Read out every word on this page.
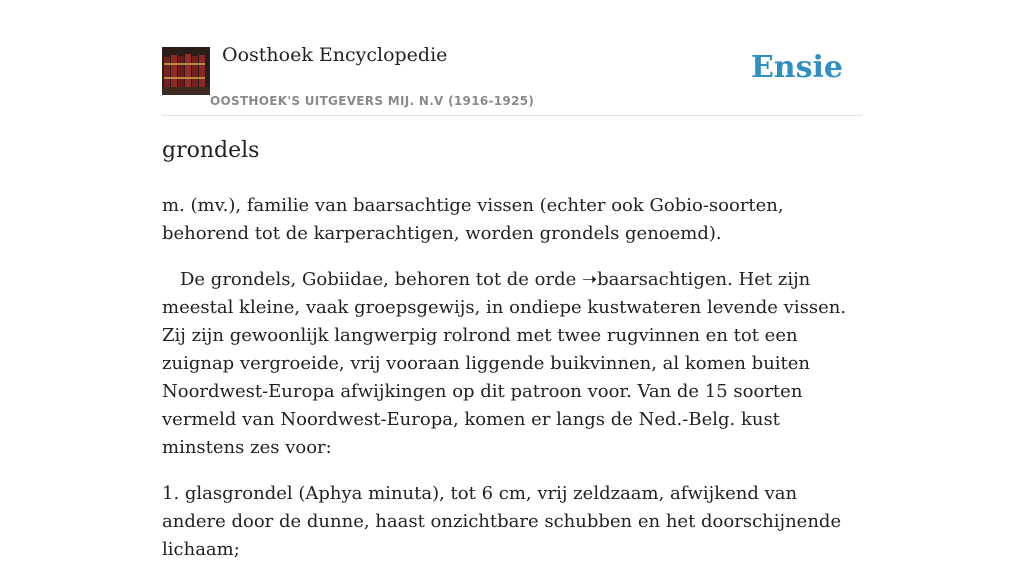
Oosthoek Encyclopedie
OOSTHOEK'S UITGEVERS MIJ. N.V (1916-1925)
Ensie
grondels

m. (mv.), familie van baarsachtige vissen (echter ook Gobio-soorten, behorend tot de karperachtigen, worden grondels genoemd).

De grondels, Gobiidae, behoren tot de orde ➝baarsachtigen. Het zijn meestal kleine, vaak groepsgewijs, in ondiepe kustwateren levende vissen. Zij zijn gewoonlijk langwerpig rolrond met twee rugvinnen en tot een zuignap vergroeide, vrij vooraan liggende buikvinnen, al komen buiten Noordwest-Europa afwijkingen op dit patroon voor. Van de 15 soorten vermeld van Noordwest-Europa, komen er langs de Ned.-Belg. kust minstens zes voor:

1. glasgrondel (Aphya minuta), tot 6 cm, vrij zeldzaam, afwijkend van andere door de dunne, haast onzichtbare schubben en het doorschijnende lichaam;
